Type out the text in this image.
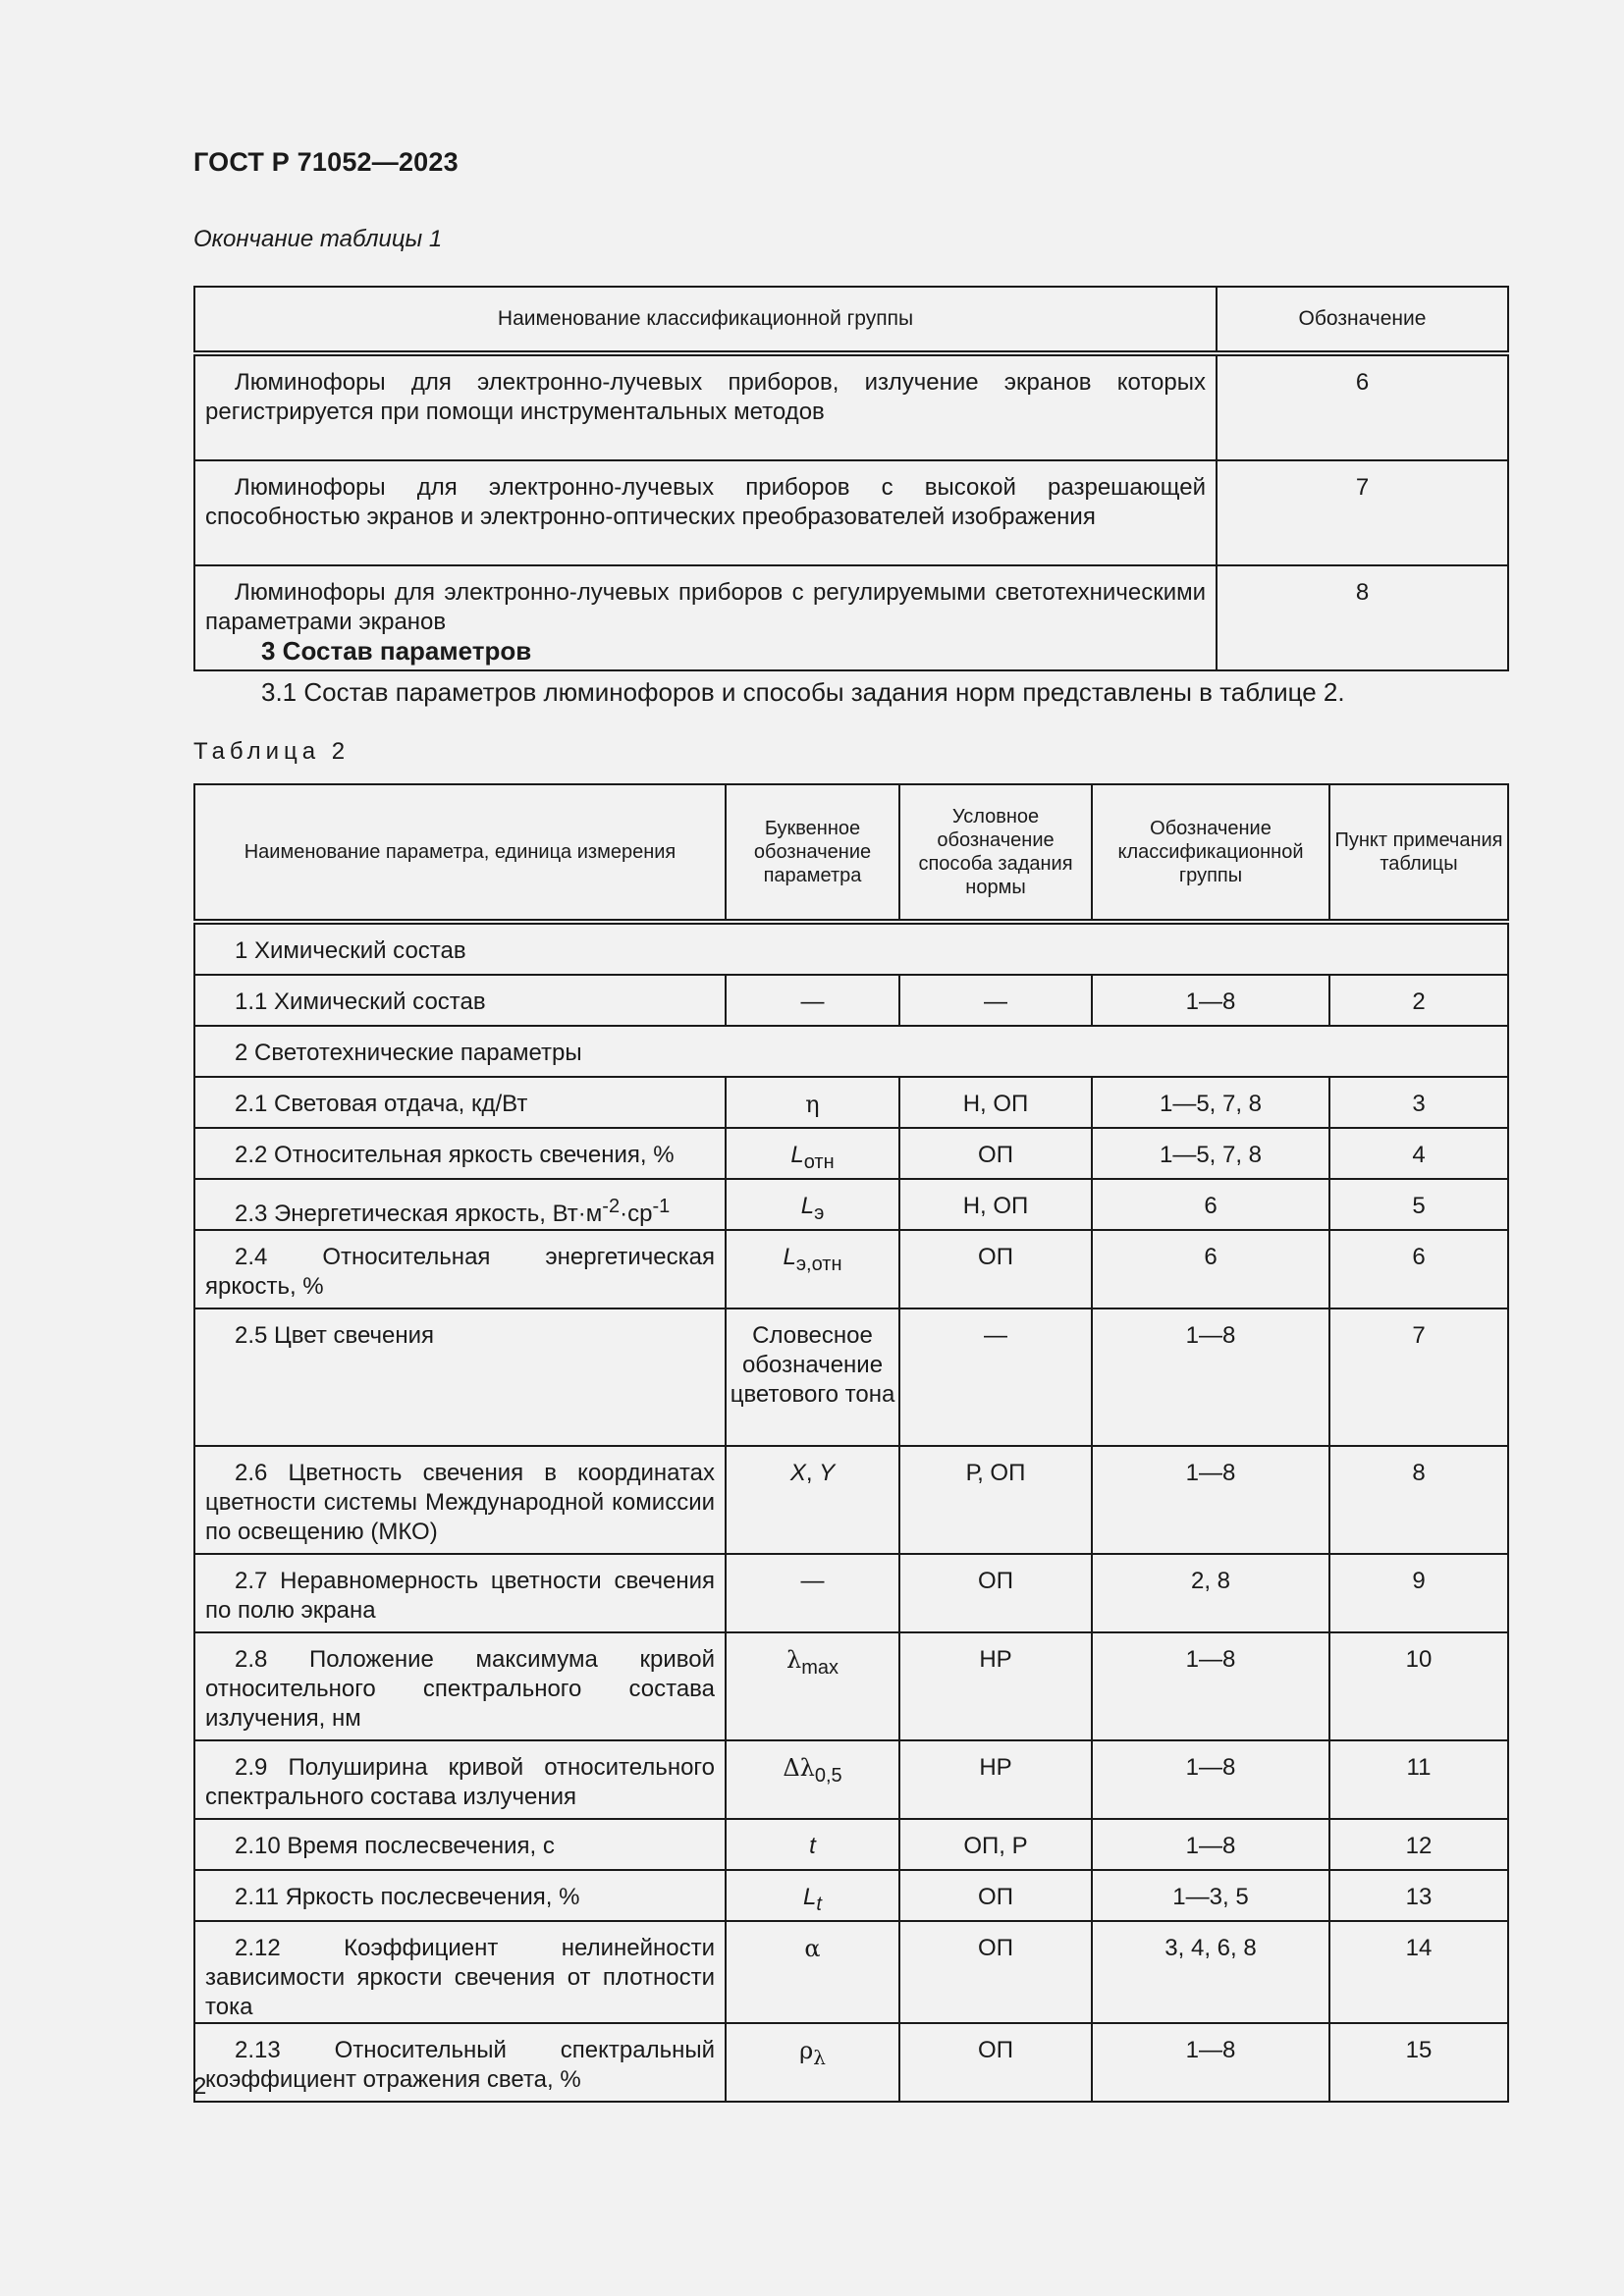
ГОСТ Р 71052—2023
Окончание таблицы 1
Наименование классификационной группы	Обозначение

Люминофоры для электронно-лучевых приборов, излучение экранов которых регистрируется при помощи инструментальных методов	6

Люминофоры для электронно-лучевых приборов с высокой разрешающей способностью экранов и электронно-оптических преобразователей изображения	7

Люминофоры для электронно-лучевых приборов с регулируемыми светотехническими параметрами экранов	8
3 Состав параметров
3.1 Состав параметров люминофоров и способы задания норм представлены в таблице 2.
Таблица 2
Наименование параметра, единица измерения	Буквенное обозначение параметра	Условное обозначение способа задания нормы	Обозначение классификационной группы	Пункт примечания таблицы

1 Химический состав				

1.1 Химический состав	—	—	1—8	2

2 Светотехнические параметры				

2.1 Световая отдача, кд/Вт	η	Н, ОП	1—5, 7, 8	3

2.2 Относительная яркость свечения, %	$L_{отн}$	ОП	1—5, 7, 8	4

2.3 Энергетическая яркость, $Вт\cdot м^{-2}\cdot ср^{-1}$	$L_э$	Н, ОП	6	5

2.4 Относительная энергетическая яркость, %	$L_{э,отн}$	ОП	6	6

2.5 Цвет свечения	Словесное обозначение цветового тона	—	1—8	7

2.6 Цветность свечения в координатах цветности системы Международной комиссии по освещению (МКО)	X, Y	Р, ОП	1—8	8

2.7 Неравномерность цветности свечения по полю экрана	—	ОП	2, 8	9

2.8 Положение максимума кривой относительного спектрального состава излучения, нм	$\lambda_{max}$	НР	1—8	10

2.9 Полуширина кривой относительного спектрального состава излучения	$\Delta\lambda_{0,5}$	НР	1—8	11

2.10 Время послесвечения, с	t	ОП, Р	1—8	12

2.11 Яркость послесвечения, %	$L_t$	ОП	1—3, 5	13

2.12 Коэффициент нелинейности зависимости яркости свечения от плотности тока	α	ОП	3, 4, 6, 8	14

2.13 Относительный спектральный коэффициент отражения света, %	$\rho_\lambda$	ОП	1—8	15
2
